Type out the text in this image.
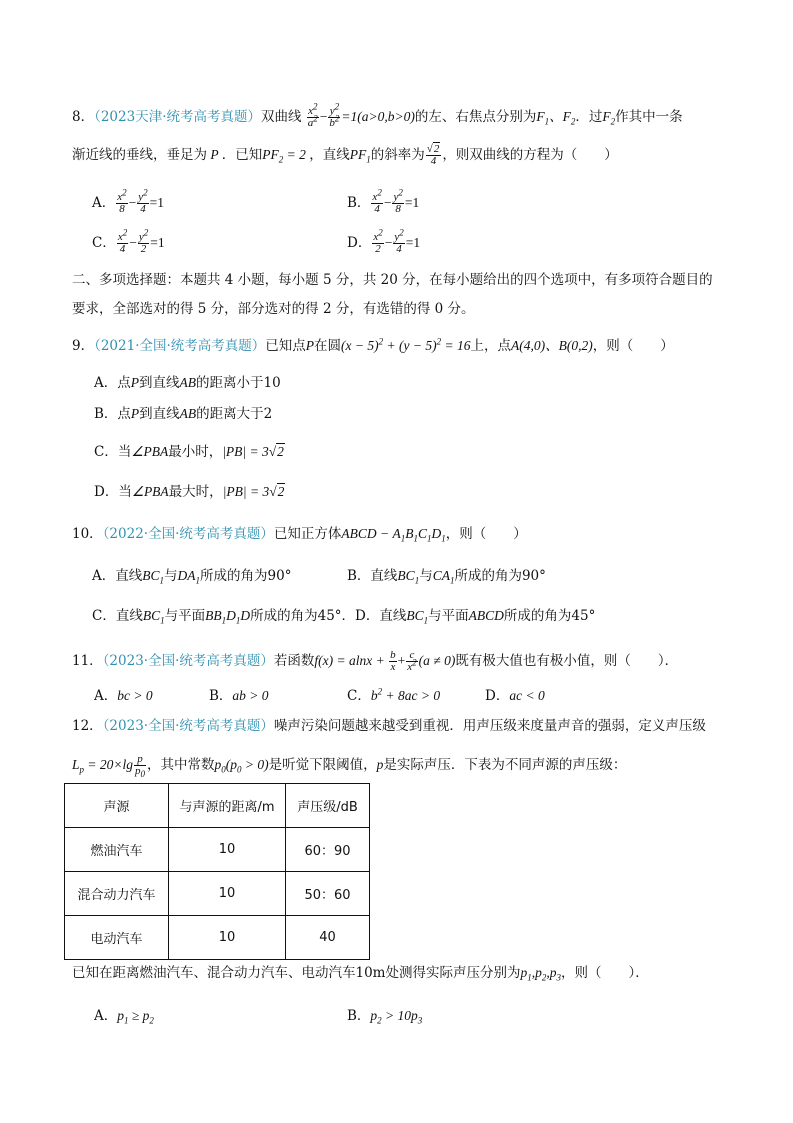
8．（2023天津·统考高考真题）双曲线 $\frac{x^2}{a^2} - \frac{y^2}{b^2} =1(a>0,b>0)$的左、右焦点分别为$F_1$、$F_2$．过$F_2$作其中一条
渐近线的垂线，垂足为 P ．已知$PF_2 = 2$ ，直线$PF_1$的斜率为 $\frac{√2}{4}$ ，则双曲线的方程为（　　）
A． $\frac{x^2}{8} - \frac{y^2}{4} =1$	B． $\frac{x^2}{4} - \frac{y^2}{8} =1$
C． $\frac{x^2}{4} - \frac{y^2}{2} =1$	D． $\frac{x^2}{2} - \frac{y^2}{4} =1$
二、多项选择题：本题共 4 小题，每小题 5 分，共 20 分，在每小题给出的四个选项中，有多项符合题目的
要求，全部选对的得 5 分，部分选对的得 2 分，有选错的得 0 分。
9．（2021·全国·统考高考真题）已知点P在圆$(x - 5)^2 + (y - 5)^2 = 16$上，点A(4,0)、B(0,2)，则（　　）
A．点P到直线AB的距离小于10
B．点P到直线AB的距离大于2
C．当∠PBA最小时，|PB| = 3√2
D．当∠PBA最大时，|PB| = 3√2
10．（2022·全国·统考高考真题）已知正方体ABCD − $A_1B_1C_1D_1$，则（　　）
A．直线$BC_1$与$DA_1$所成的角为90°	B．直线$BC_1$与$CA_1$所成的角为90°
C．直线$BC_1$与平面$BB_1D_1D$所成的角为45°．D．直线$BC_1$与平面ABCD所成的角为45°
11．（2023·全国·统考高考真题）若函数$f(x) = alnx + \frac{b}{x} + \frac{c}{x^2} (a \ne 0)$既有极大值也有极小值，则（　　）．
A．bc > 0	B．ab > 0	C．$b^2 + 8ac > 0$	D．ac < 0
12．（2023·全国·统考高考真题）噪声污染问题越来越受到重视．用声压级来度量声音的强弱，定义声压级
$L_p = 20\times\lg \frac{p}{p_0}$ ，其中常数$p_0(p_0 > 0)$是听觉下限阈值，p是实际声压．下表为不同声源的声压级：
声源	与声源的距离/m	声压级/dB
燃油汽车	10	60：90
混合动力汽车	10	50：60
电动汽车	10	40
已知在距离燃油汽车、混合动力汽车、电动汽车10m处测得实际声压分别为$p_1,p_2,p_3$，则（　　）．
A．$p_1 \ge p_2$	B．$p_2 > 10p_3$
